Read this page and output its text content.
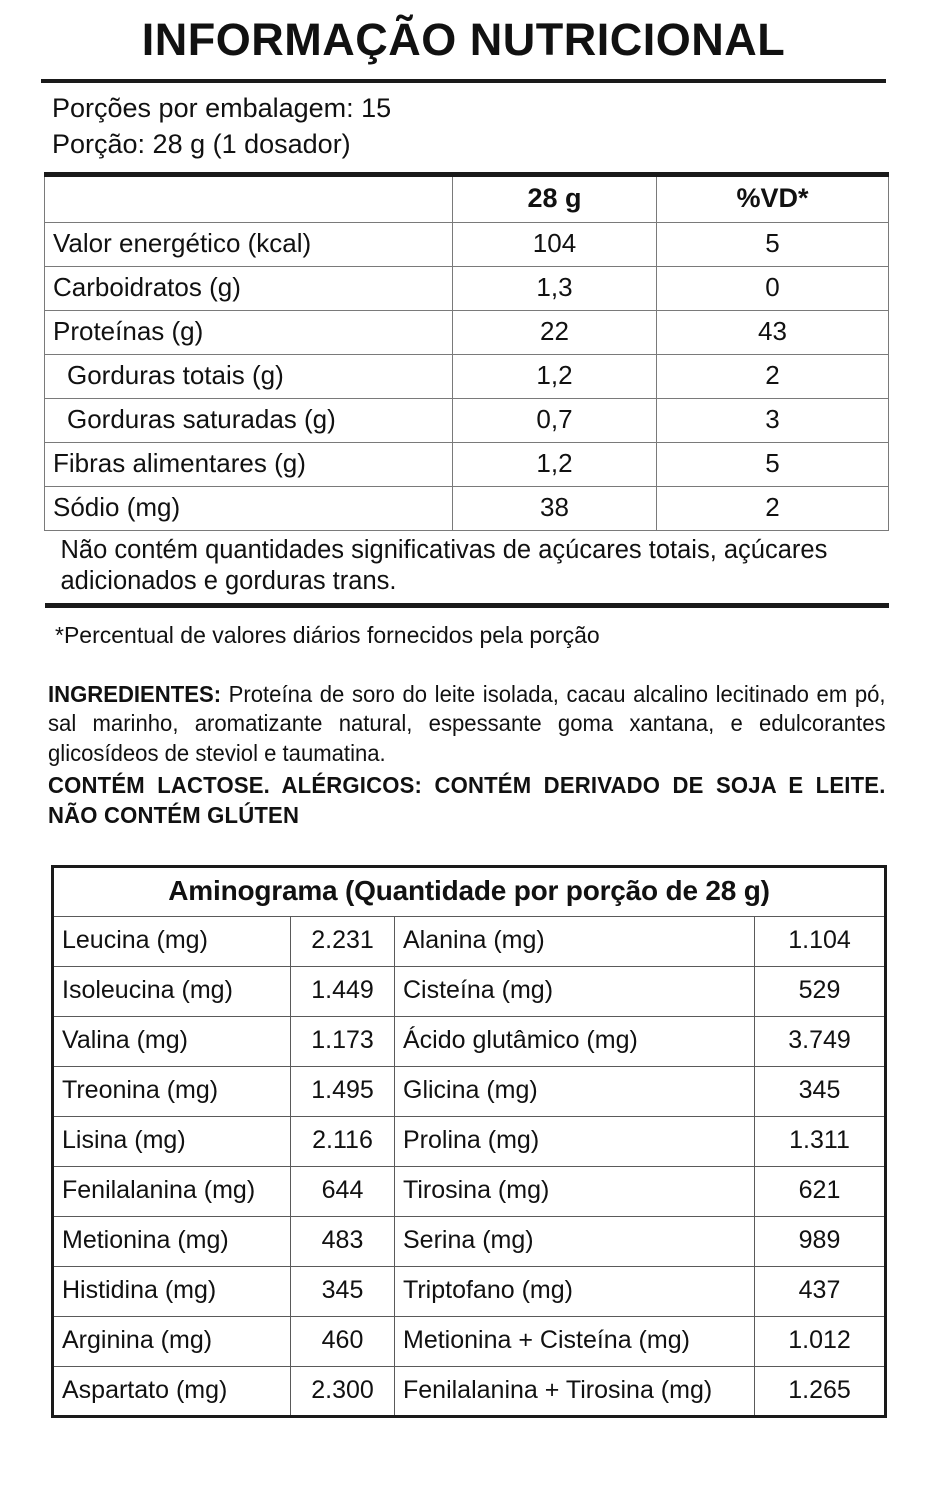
INFORMAÇÃO NUTRICIONAL
Porções por embalagem: 15
Porção: 28 g (1 dosador)
	28 g	%VD*
Valor energético (kcal)	104	5
Carboidratos (g)	1,3	0
Proteínas (g)	22	43
Gorduras totais (g)	1,2	2
Gorduras saturadas (g)	0,7	3
Fibras alimentares (g)	1,2	5
Sódio (mg)	38	2
Não contém quantidades significativas de açúcares totais, açúcares adicionados e gorduras trans.		
*Percentual de valores diários fornecidos pela porção

INGREDIENTES: Proteína de soro do leite isolada, cacau alcalino lecitinado em pó, sal marinho, aromatizante natural, espessante goma xantana, e edulcorantes glicosídeos de steviol e taumatina.

CONTÉM LACTOSE. ALÉRGICOS: CONTÉM DERIVADO DE SOJA E LEITE.
NÃO CONTÉM GLÚTEN
Aminograma (Quantidade por porção de 28 g)			
Leucina (mg)	2.231	Alanina (mg)	1.104
Isoleucina (mg)	1.449	Cisteína (mg)	529
Valina (mg)	1.173	Ácido glutâmico (mg)	3.749
Treonina (mg)	1.495	Glicina (mg)	345
Lisina (mg)	2.116	Prolina (mg)	1.311
Fenilalanina (mg)	644	Tirosina (mg)	621
Metionina (mg)	483	Serina (mg)	989
Histidina (mg)	345	Triptofano (mg)	437
Arginina (mg)	460	Metionina + Cisteína (mg)	1.012
Aspartato (mg)	2.300	Fenilalanina + Tirosina (mg)	1.265
